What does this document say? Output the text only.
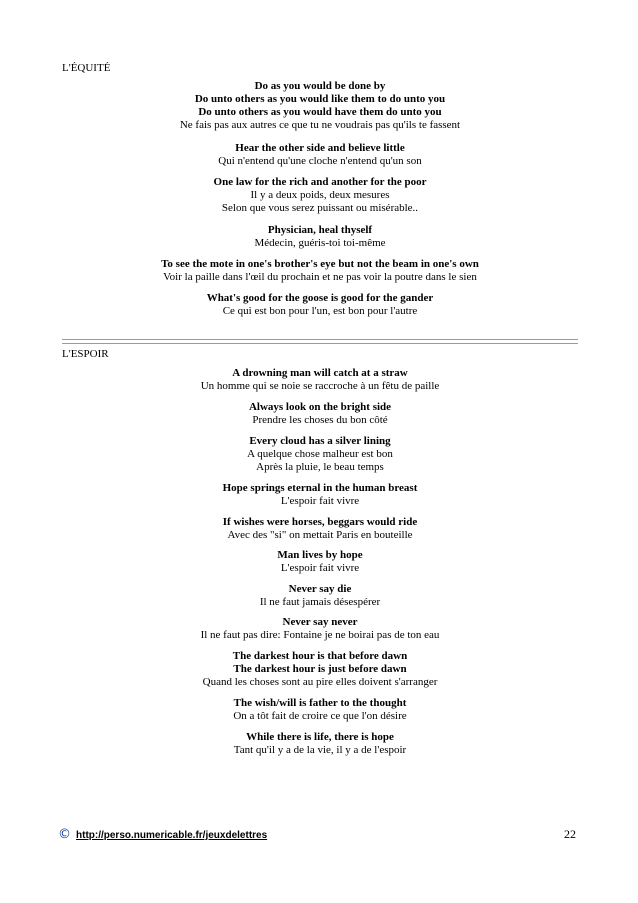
L'ÉQUITÉ
Do as you would be done by
Do unto others as you would like them to do unto you
Do unto others as you would have them do unto you
Ne fais pas aux autres ce que tu ne voudrais pas qu'ils te fassent
Hear the other side and believe little
Qui n'entend qu'une cloche n'entend qu'un son
One law for the rich and another for the poor
Il y a deux poids, deux mesures
Selon que vous serez puissant ou misérable..
Physician, heal thyself
Médecin, guéris-toi toi-même
To see the mote in one's brother's eye but not the beam in one's own
Voir la paille dans l'œil du prochain et ne pas voir la poutre dans le sien
What's good for the goose is good for the gander
Ce qui est bon pour l'un, est bon pour l'autre
L'ESPOIR
A drowning man will catch at a straw
Un homme qui se noie se raccroche à un fêtu de paille
Always look on the bright side
Prendre les choses du bon côté
Every cloud has a silver lining
A quelque chose malheur est bon
Après la pluie, le beau temps
Hope springs eternal in the human breast
L'espoir fait vivre
If wishes were horses, beggars would ride
Avec des "si" on mettait Paris en bouteille
Man lives by hope
L'espoir fait vivre
Never say die
Il ne faut jamais désespérer
Never say never
Il ne faut pas dire: Fontaine je ne boirai pas de ton eau
The darkest hour is that before dawn
The darkest hour is just before dawn
Quand les choses sont au pire elles doivent s'arranger
The wish/will is father to the thought
On a tôt fait de croire ce que l'on désire
While there is life, there is hope
Tant qu'il y a de la vie, il y a de l'espoir
© http://perso.numericable.fr/jeuxdelettres	22
